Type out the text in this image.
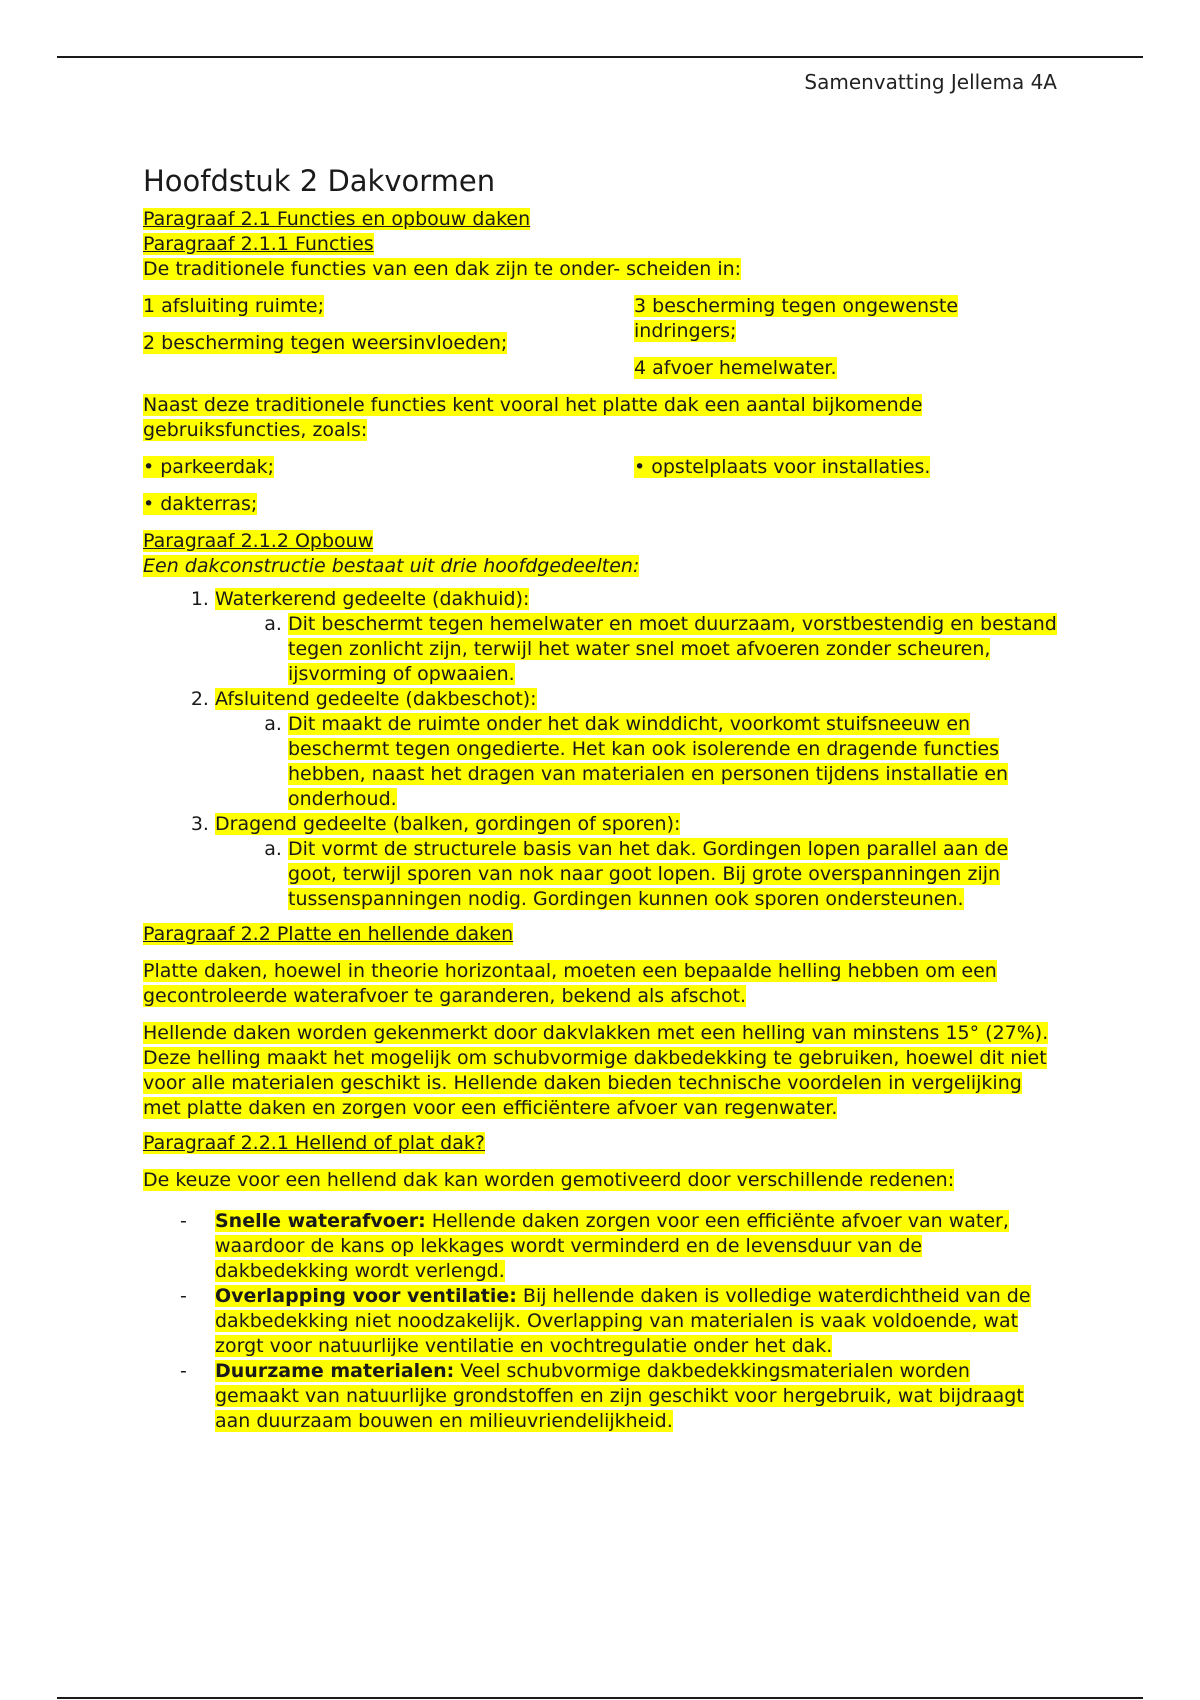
Samenvatting Jellema 4A
Hoofdstuk 2 Dakvormen

Paragraaf 2.1 Functies en opbouw daken

Paragraaf 2.1.1 Functies

De traditionele functies van een dak zijn te onder- scheiden in:

1 afsluiting ruimte;

2 bescherming tegen weersinvloeden;

3 bescherming tegen ongewenste indringers;

4 afvoer hemelwater.

Naast deze traditionele functies kent vooral het platte dak een aantal bijkomende gebruiksfuncties, zoals:

• parkeerdak;

• dakterras;

• opstelplaats voor installaties.

Paragraaf 2.1.2 Opbouw

Een dakconstructie bestaat uit drie hoofdgedeelten:

1. Waterkerend gedeelte (dakhuid):
a. Dit beschermt tegen hemelwater en moet duurzaam, vorstbestendig en bestand tegen zonlicht zijn, terwijl het water snel moet afvoeren zonder scheuren, ijsvorming of opwaaien.
2. Afsluitend gedeelte (dakbeschot):
a. Dit maakt de ruimte onder het dak winddicht, voorkomt stuifsneeuw en beschermt tegen ongedierte. Het kan ook isolerende en dragende functies hebben, naast het dragen van materialen en personen tijdens installatie en onderhoud.
3. Dragend gedeelte (balken, gordingen of sporen):
a. Dit vormt de structurele basis van het dak. Gordingen lopen parallel aan de goot, terwijl sporen van nok naar goot lopen. Bij grote overspanningen zijn tussenspanningen nodig. Gordingen kunnen ook sporen ondersteunen.

Paragraaf 2.2 Platte en hellende daken

Platte daken, hoewel in theorie horizontaal, moeten een bepaalde helling hebben om een gecontroleerde waterafvoer te garanderen, bekend als afschot.

Hellende daken worden gekenmerkt door dakvlakken met een helling van minstens 15° (27%). Deze helling maakt het mogelijk om schubvormige dakbedekking te gebruiken, hoewel dit niet voor alle materialen geschikt is. Hellende daken bieden technische voordelen in vergelijking met platte daken en zorgen voor een efficiëntere afvoer van regenwater.

Paragraaf 2.2.1 Hellend of plat dak?

De keuze voor een hellend dak kan worden gemotiveerd door verschillende redenen:

- Snelle waterafvoer: Hellende daken zorgen voor een efficiënte afvoer van water, waardoor de kans op lekkages wordt verminderd en de levensduur van de dakbedekking wordt verlengd.
- Overlapping voor ventilatie: Bij hellende daken is volledige waterdichtheid van de dakbedekking niet noodzakelijk. Overlapping van materialen is vaak voldoende, wat zorgt voor natuurlijke ventilatie en vochtregulatie onder het dak.
- Duurzame materialen: Veel schubvormige dakbedekkingsmaterialen worden gemaakt van natuurlijke grondstoffen en zijn geschikt voor hergebruik, wat bijdraagt aan duurzaam bouwen en milieuvriendelijkheid.
